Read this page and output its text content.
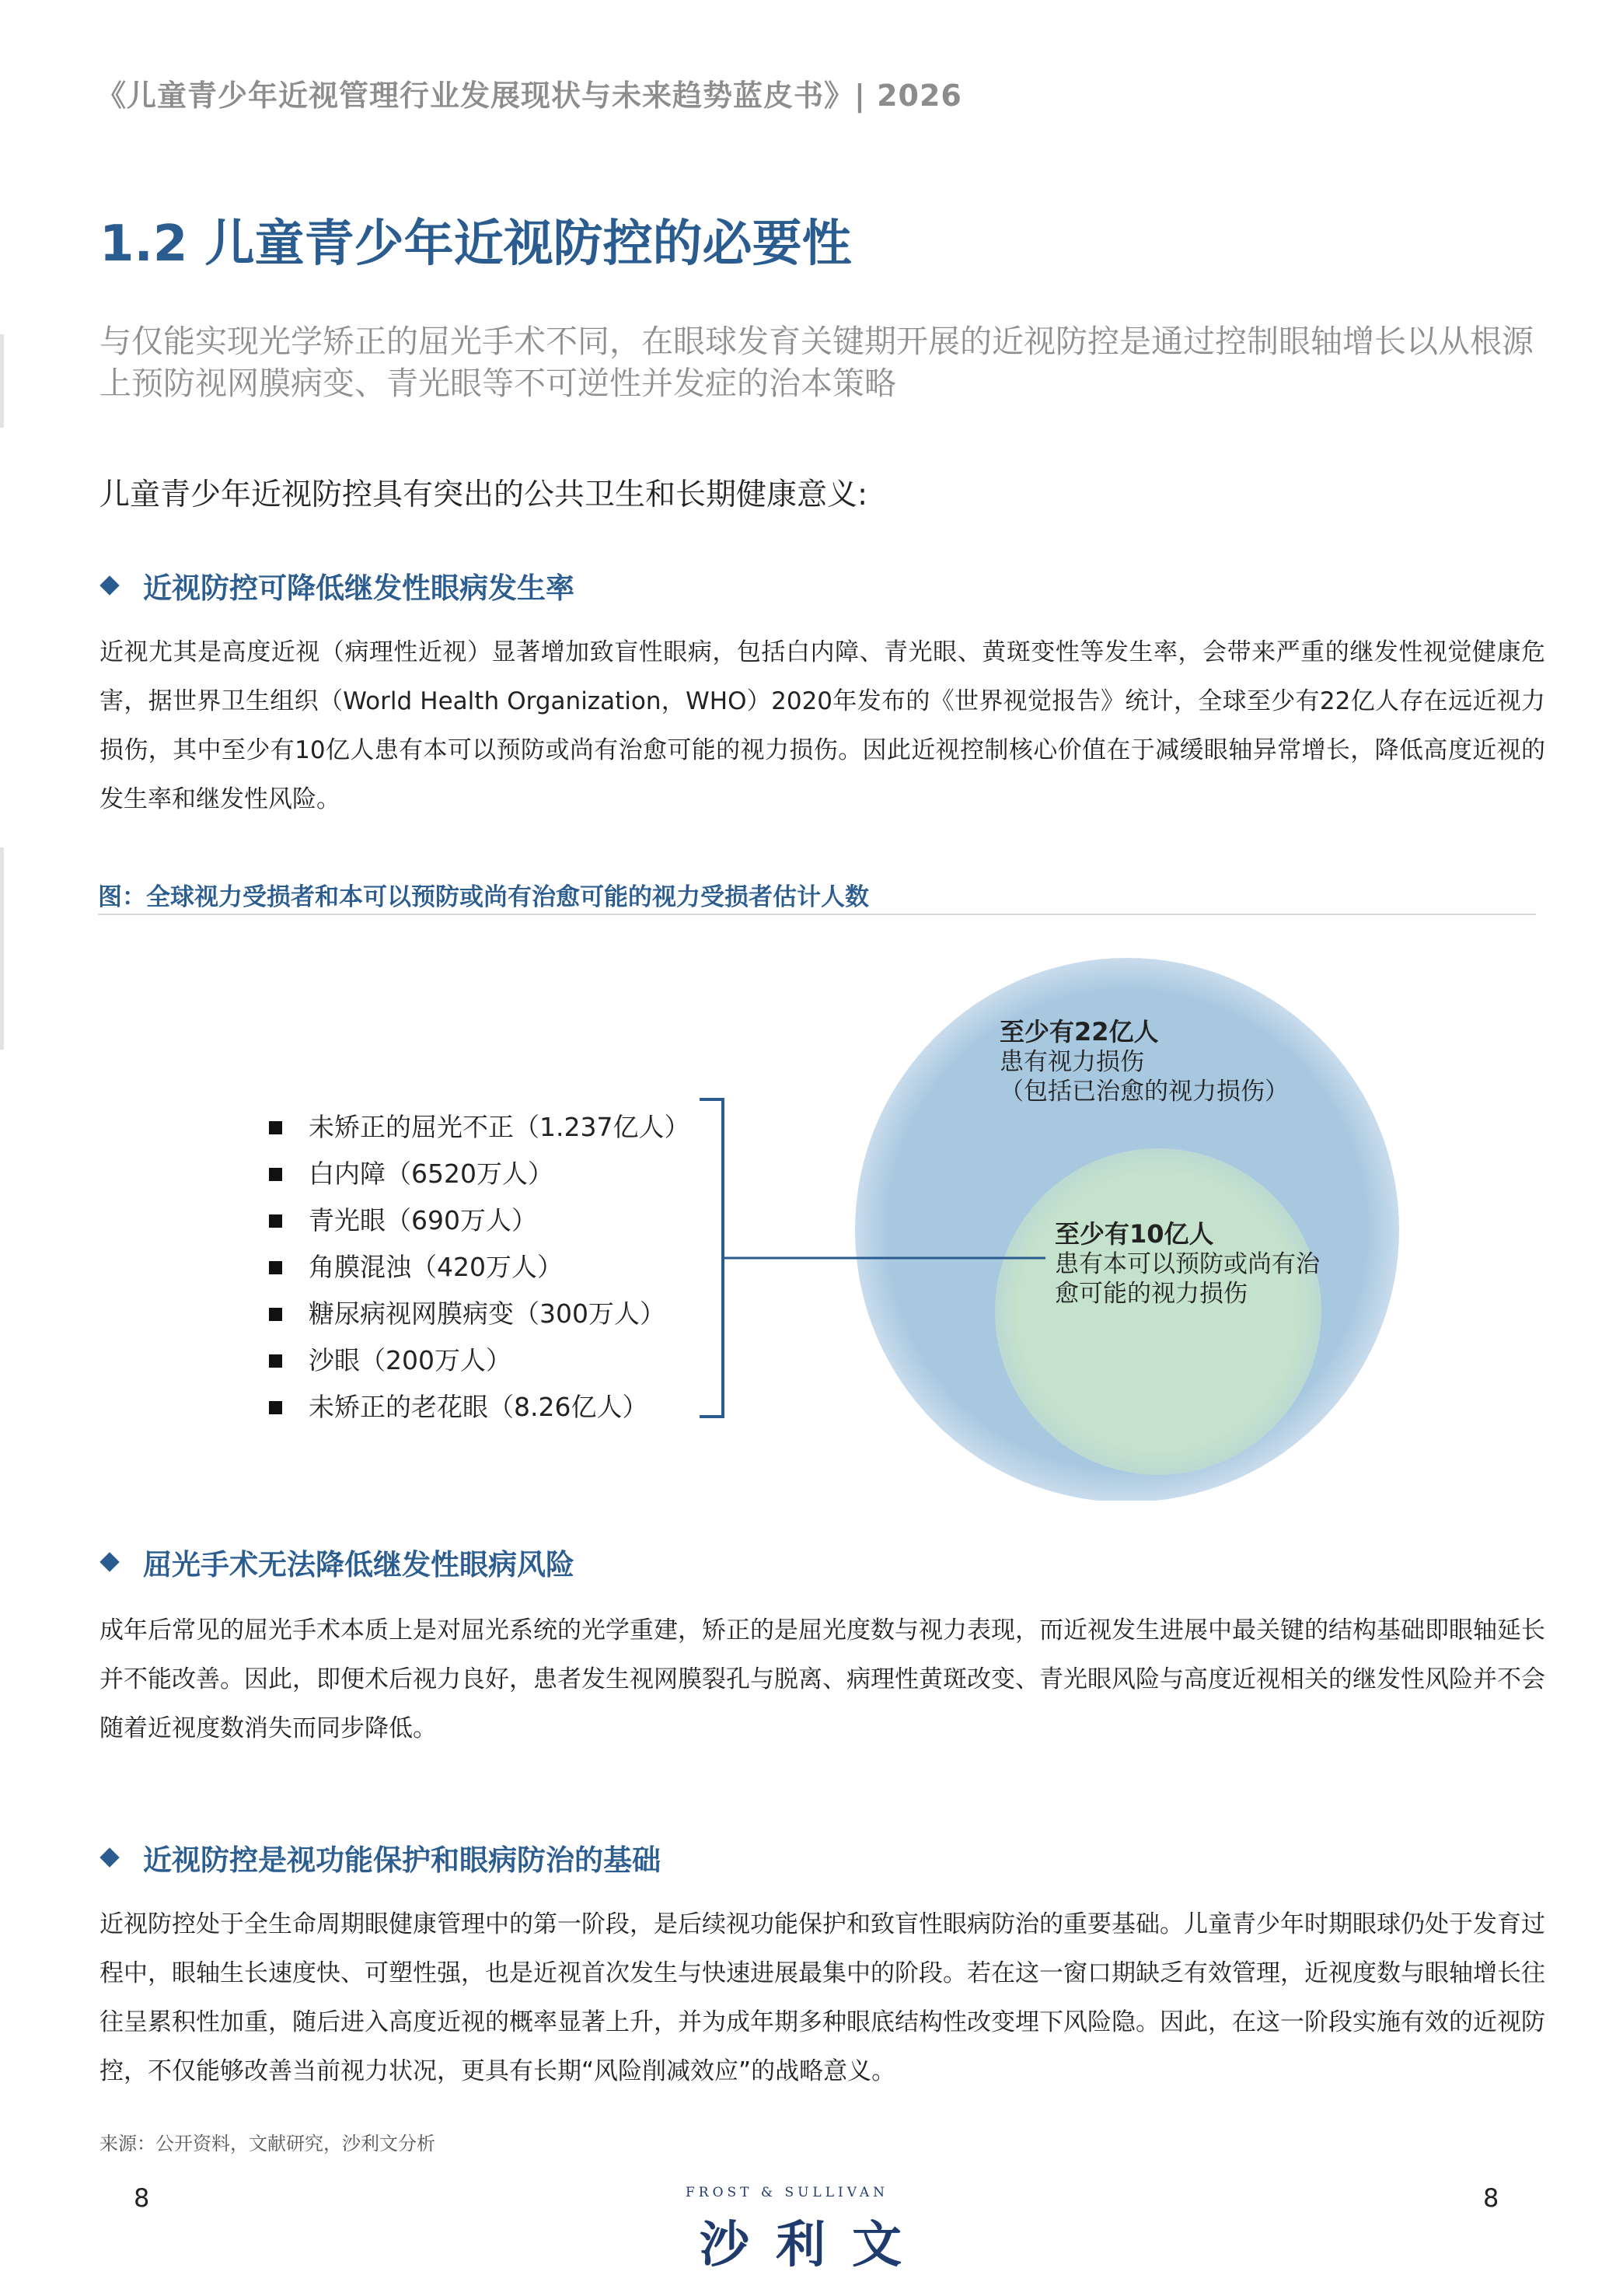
《儿童青少年近视管理行业发展现状与未来趋势蓝皮书》| 2026
1.2 儿童青少年近视防控的必要性
与仅能实现光学矫正的屈光手术不同，在眼球发育关键期开展的近视防控是通过控制眼轴增长以从根源上预防视网膜病变、青光眼等不可逆性并发症的治本策略
儿童青少年近视防控具有突出的公共卫生和长期健康意义:
近视防控可降低继发性眼病发生率
近视尤其是高度近视（病理性近视）显著增加致盲性眼病，包括白内障、青光眼、黄斑变性等发生率，会带来严重的继发性视觉健康危害，据世界卫生组织（World Health Organization，WHO）2020年发布的《世界视觉报告》统计，全球至少有22亿人存在远近视力损伤，其中至少有10亿人患有本可以预防或尚有治愈可能的视力损伤。因此近视控制核心价值在于减缓眼轴异常增长，降低高度近视的发生率和继发性风险。
图：全球视力受损者和本可以预防或尚有治愈可能的视力受损者估计人数
未矫正的屈光不正（1.237亿人）
白内障（6520万人）
青光眼（690万人）
角膜混浊（420万人）
糖尿病视网膜病变（300万人）
沙眼（200万人）
未矫正的老花眼（8.26亿人）
至少有22亿人
患有视力损伤
（包括已治愈的视力损伤）
至少有10亿人
患有本可以预防或尚有治
愈可能的视力损伤
屈光手术无法降低继发性眼病风险
成年后常见的屈光手术本质上是对屈光系统的光学重建，矫正的是屈光度数与视力表现，而近视发生进展中最关键的结构基础即眼轴延长并不能改善。因此，即便术后视力良好，患者发生视网膜裂孔与脱离、病理性黄斑改变、青光眼风险与高度近视相关的继发性风险并不会随着近视度数消失而同步降低。
近视防控是视功能保护和眼病防治的基础
近视防控处于全生命周期眼健康管理中的第一阶段，是后续视功能保护和致盲性眼病防治的重要基础。儿童青少年时期眼球仍处于发育过程中，眼轴生长速度快、可塑性强，也是近视首次发生与快速进展最集中的阶段。若在这一窗口期缺乏有效管理，近视度数与眼轴增长往往呈累积性加重，随后进入高度近视的概率显著上升，并为成年期多种眼底结构性改变埋下风险隐。因此，在这一阶段实施有效的近视防控，不仅能够改善当前视力状况，更具有长期“风险削减效应”的战略意义。
来源：公开资料，文献研究，沙利文分析
8	8
FROST & SULLIVAN
沙利文
